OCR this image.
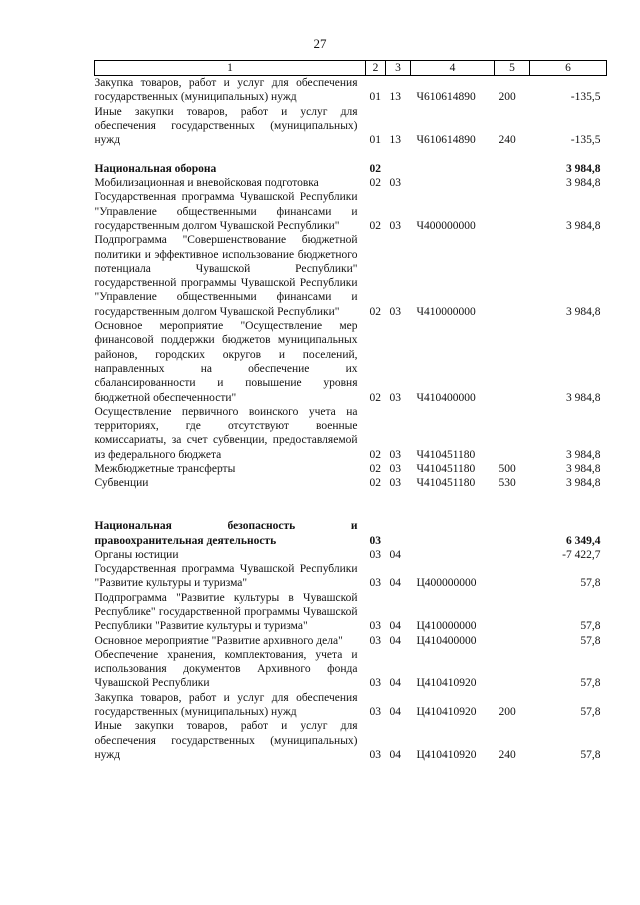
27
1	2	3	4	5	6
Закупка товаров, работ и услуг для обеспечения государственных (муниципальных) нужд	01	13	Ч610614890	200	-135,5
Иные закупки товаров, работ и услуг для обеспечения государственных (муниципальных) нужд	01	13	Ч610614890	240	-135,5

Национальная оборона	02				3 984,8
Мобилизационная и вневойсковая подготовка	02	03			3 984,8
Государственная программа Чувашской Республики "Управление общественными финансами и государственным долгом Чувашской Республики"	02	03	Ч400000000		3 984,8
Подпрограмма "Совершенствование бюджетной политики и эффективное использование бюджетного потенциала Чувашской Республики" государственной программы Чувашской Республики "Управление общественными финансами и государственным долгом Чувашской Республики"	02	03	Ч410000000		3 984,8
Основное мероприятие "Осуществление мер финансовой поддержки бюджетов муниципальных районов, городских округов и поселений, направленных на обеспечение их сбалансированности и повышение уровня бюджетной обеспеченности"	02	03	Ч410400000		3 984,8
Осуществление первичного воинского учета на территориях, где отсутствуют военные комиссариаты, за счет субвенции, предоставляемой из федерального бюджета	02	03	Ч410451180		3 984,8
Межбюджетные трансферты	02	03	Ч410451180	500	3 984,8
Субвенции	02	03	Ч410451180	530	3 984,8

Национальная безопасность и правоохранительная деятельность	03				6 349,4
Органы юстиции	03	04			-7 422,7
Государственная программа Чувашской Республики "Развитие культуры и туризма"	03	04	Ц400000000		57,8
Подпрограмма "Развитие культуры в Чувашской Республике" государственной программы Чувашской Республики "Развитие культуры и туризма"	03	04	Ц410000000		57,8
Основное мероприятие "Развитие архивного дела"	03	04	Ц410400000		57,8
Обеспечение хранения, комплектования, учета и использования документов Архивного фонда Чувашской Республики	03	04	Ц410410920		57,8
Закупка товаров, работ и услуг для обеспечения государственных (муниципальных) нужд	03	04	Ц410410920	200	57,8
Иные закупки товаров, работ и услуг для обеспечения государственных (муниципальных) нужд	03	04	Ц410410920	240	57,8
